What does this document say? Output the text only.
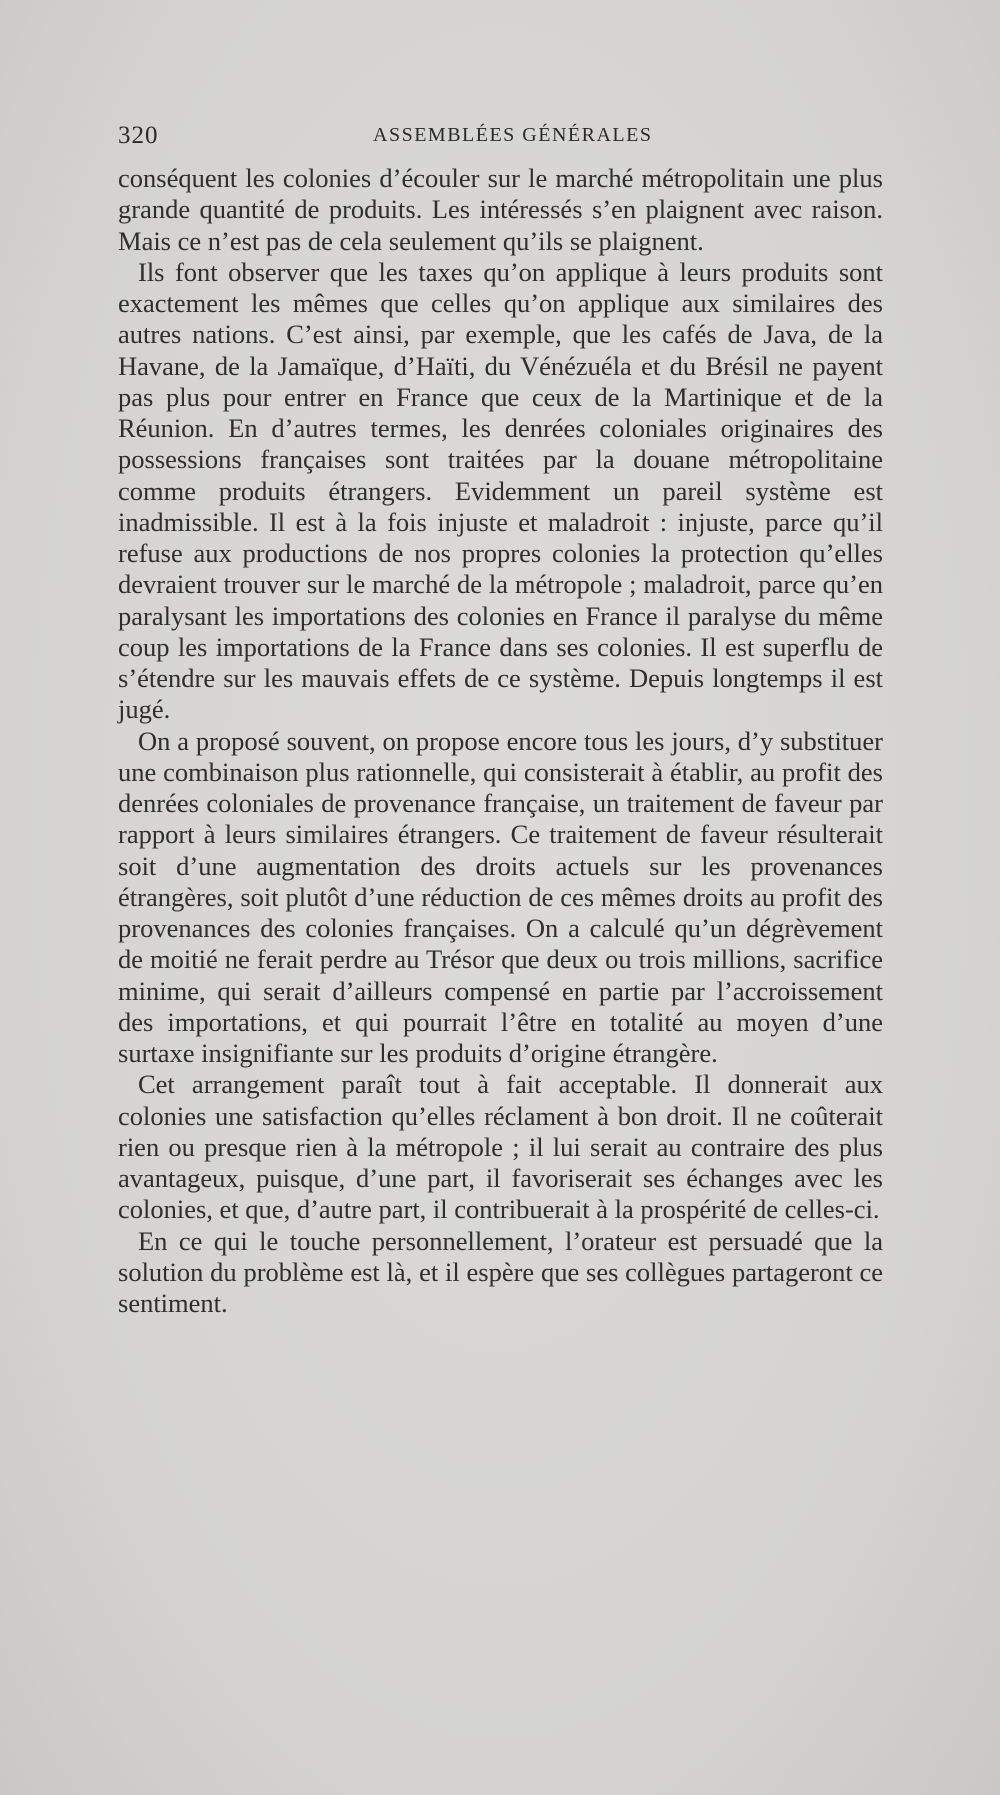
320	ASSEMBLÉES GÉNÉRALES

conséquent les colonies d’écouler sur le marché métropolitain une plus grande quantité de produits. Les intéressés s’en plaignent avec raison. Mais ce n’est pas de cela seulement qu’ils se plaignent.

Ils font observer que les taxes qu’on applique à leurs produits sont exactement les mêmes que celles qu’on applique aux similaires des autres nations. C’est ainsi, par exemple, que les cafés de Java, de la Havane, de la Jamaïque, d’Haïti, du Vénézuéla et du Brésil ne payent pas plus pour entrer en France que ceux de la Martinique et de la Réunion. En d’autres termes, les denrées coloniales originaires des possessions françaises sont traitées par la douane métropolitaine comme produits étrangers. Evidemment un pareil système est inadmissible. Il est à la fois injuste et maladroit : injuste, parce qu’il refuse aux productions de nos propres colonies la protection qu’elles devraient trouver sur le marché de la métropole ; maladroit, parce qu’en paralysant les importations des colonies en France il paralyse du même coup les importations de la France dans ses colonies. Il est superflu de s’étendre sur les mauvais effets de ce système. Depuis longtemps il est jugé.

On a proposé souvent, on propose encore tous les jours, d’y substituer une combinaison plus rationnelle, qui consisterait à établir, au profit des denrées coloniales de provenance française, un traitement de faveur par rapport à leurs similaires étrangers. Ce traitement de faveur résulterait soit d’une augmentation des droits actuels sur les provenances étrangères, soit plutôt d’une réduction de ces mêmes droits au profit des provenances des colonies françaises. On a calculé qu’un dégrèvement de moitié ne ferait perdre au Trésor que deux ou trois millions, sacrifice minime, qui serait d’ailleurs compensé en partie par l’accroissement des importations, et qui pourrait l’être en totalité au moyen d’une surtaxe insignifiante sur les produits d’origine étrangère.

Cet arrangement paraît tout à fait acceptable. Il donnerait aux colonies une satisfaction qu’elles réclament à bon droit. Il ne coûterait rien ou presque rien à la métropole ; il lui serait au contraire des plus avantageux, puisque, d’une part, il favoriserait ses échanges avec les colonies, et que, d’autre part, il contribuerait à la prospérité de celles-ci.

En ce qui le touche personnellement, l’orateur est persuadé que la solution du problème est là, et il espère que ses collègues partageront ce sentiment.
